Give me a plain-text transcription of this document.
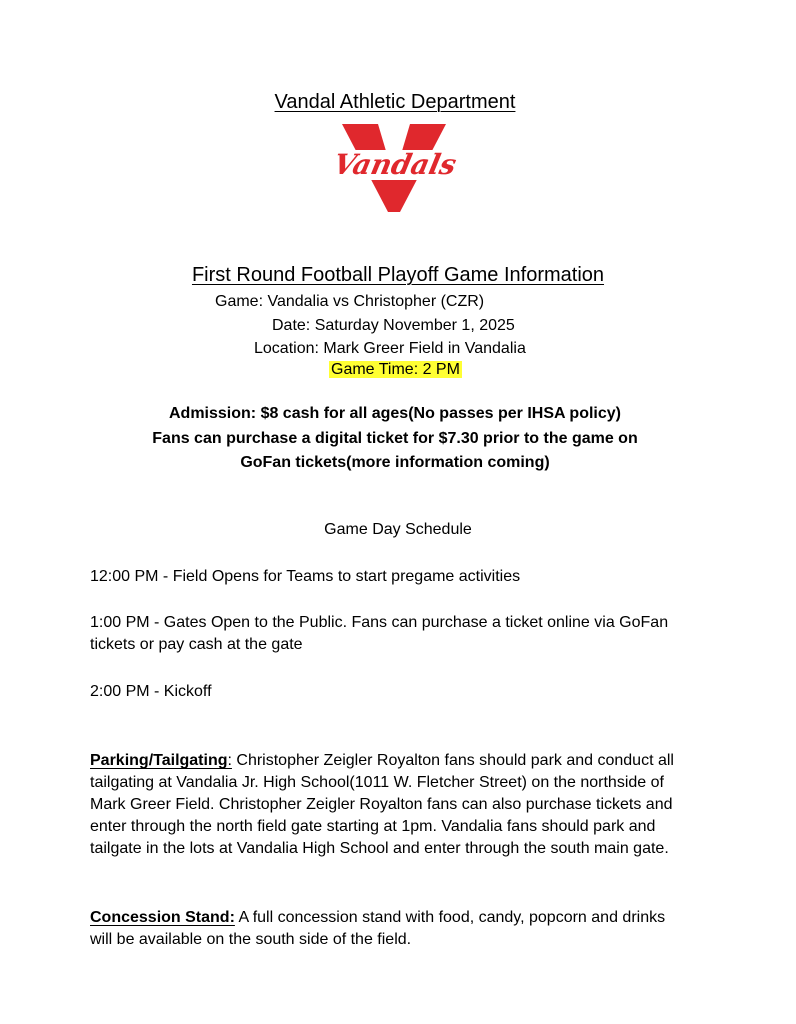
Vandal Athletic Department
Vandals
First Round Football Playoff Game Information
Game: Vandalia vs Christopher (CZR)
Date: Saturday November 1, 2025
Location: Mark Greer Field in Vandalia
Game Time: 2 PM
Admission: $8 cash for all ages(No passes per IHSA policy)
Fans can purchase a digital ticket for $7.30 prior to the game on
GoFan tickets(more information coming)
Game Day Schedule
12:00 PM - Field Opens for Teams to start pregame activities
1:00 PM - Gates Open to the Public. Fans can purchase a ticket online via GoFan tickets or pay cash at the gate
2:00 PM - Kickoff
Parking/Tailgating: Christopher Zeigler Royalton fans should park and conduct all tailgating at Vandalia Jr. High School(1011 W. Fletcher Street) on the northside of Mark Greer Field. Christopher Zeigler Royalton fans can also purchase tickets and enter through the north field gate starting at 1pm. Vandalia fans should park and tailgate in the lots at Vandalia High School and enter through the south main gate.
Concession Stand: A full concession stand with food, candy, popcorn and drinks will be available on the south side of the field.
